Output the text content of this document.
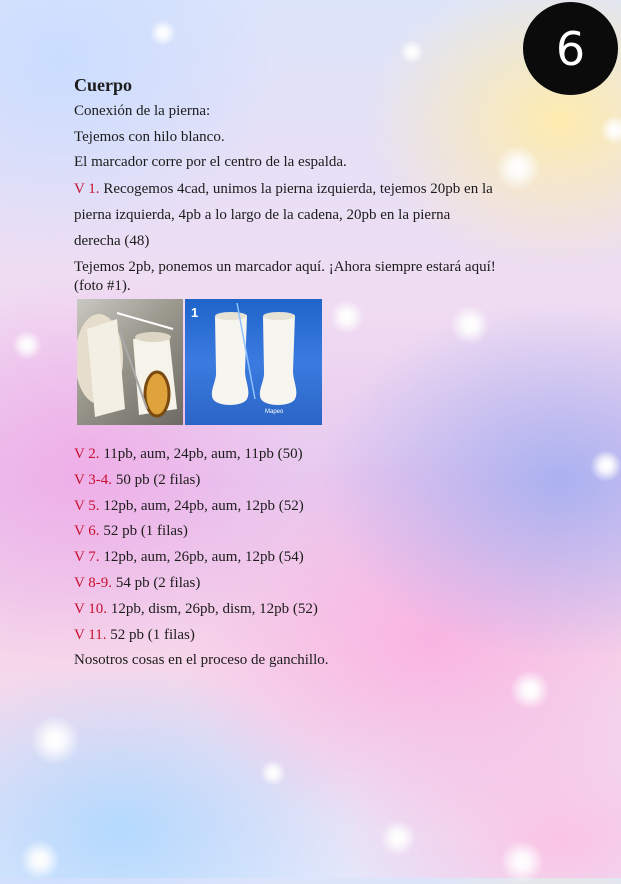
6
Cuerpo

Conexión de la pierna:

Tejemos con hilo blanco.

El marcador corre por el centro de la espalda.

V 1. Recogemos 4cad, unimos la pierna izquierda, tejemos 20pb en la
pierna izquierda, 4pb a lo largo de la cadena, 20pb en la pierna
derecha (48)

Tejemos 2pb, ponemos un marcador aquí. ¡Ahora siempre estará aquí!
(foto #1).

1
Mapeo

V 2. 11pb, aum, 24pb, aum, 11pb (50)

V 3-4. 50 pb (2 filas)

V 5. 12pb, aum, 24pb, aum, 12pb (52)

V 6. 52 pb (1 filas)

V 7. 12pb, aum, 26pb, aum, 12pb (54)

V 8-9. 54 pb (2 filas)

V 10. 12pb, dism, 26pb, dism, 12pb (52)

V 11. 52 pb (1 filas)

Nosotros cosas en el proceso de ganchillo.
